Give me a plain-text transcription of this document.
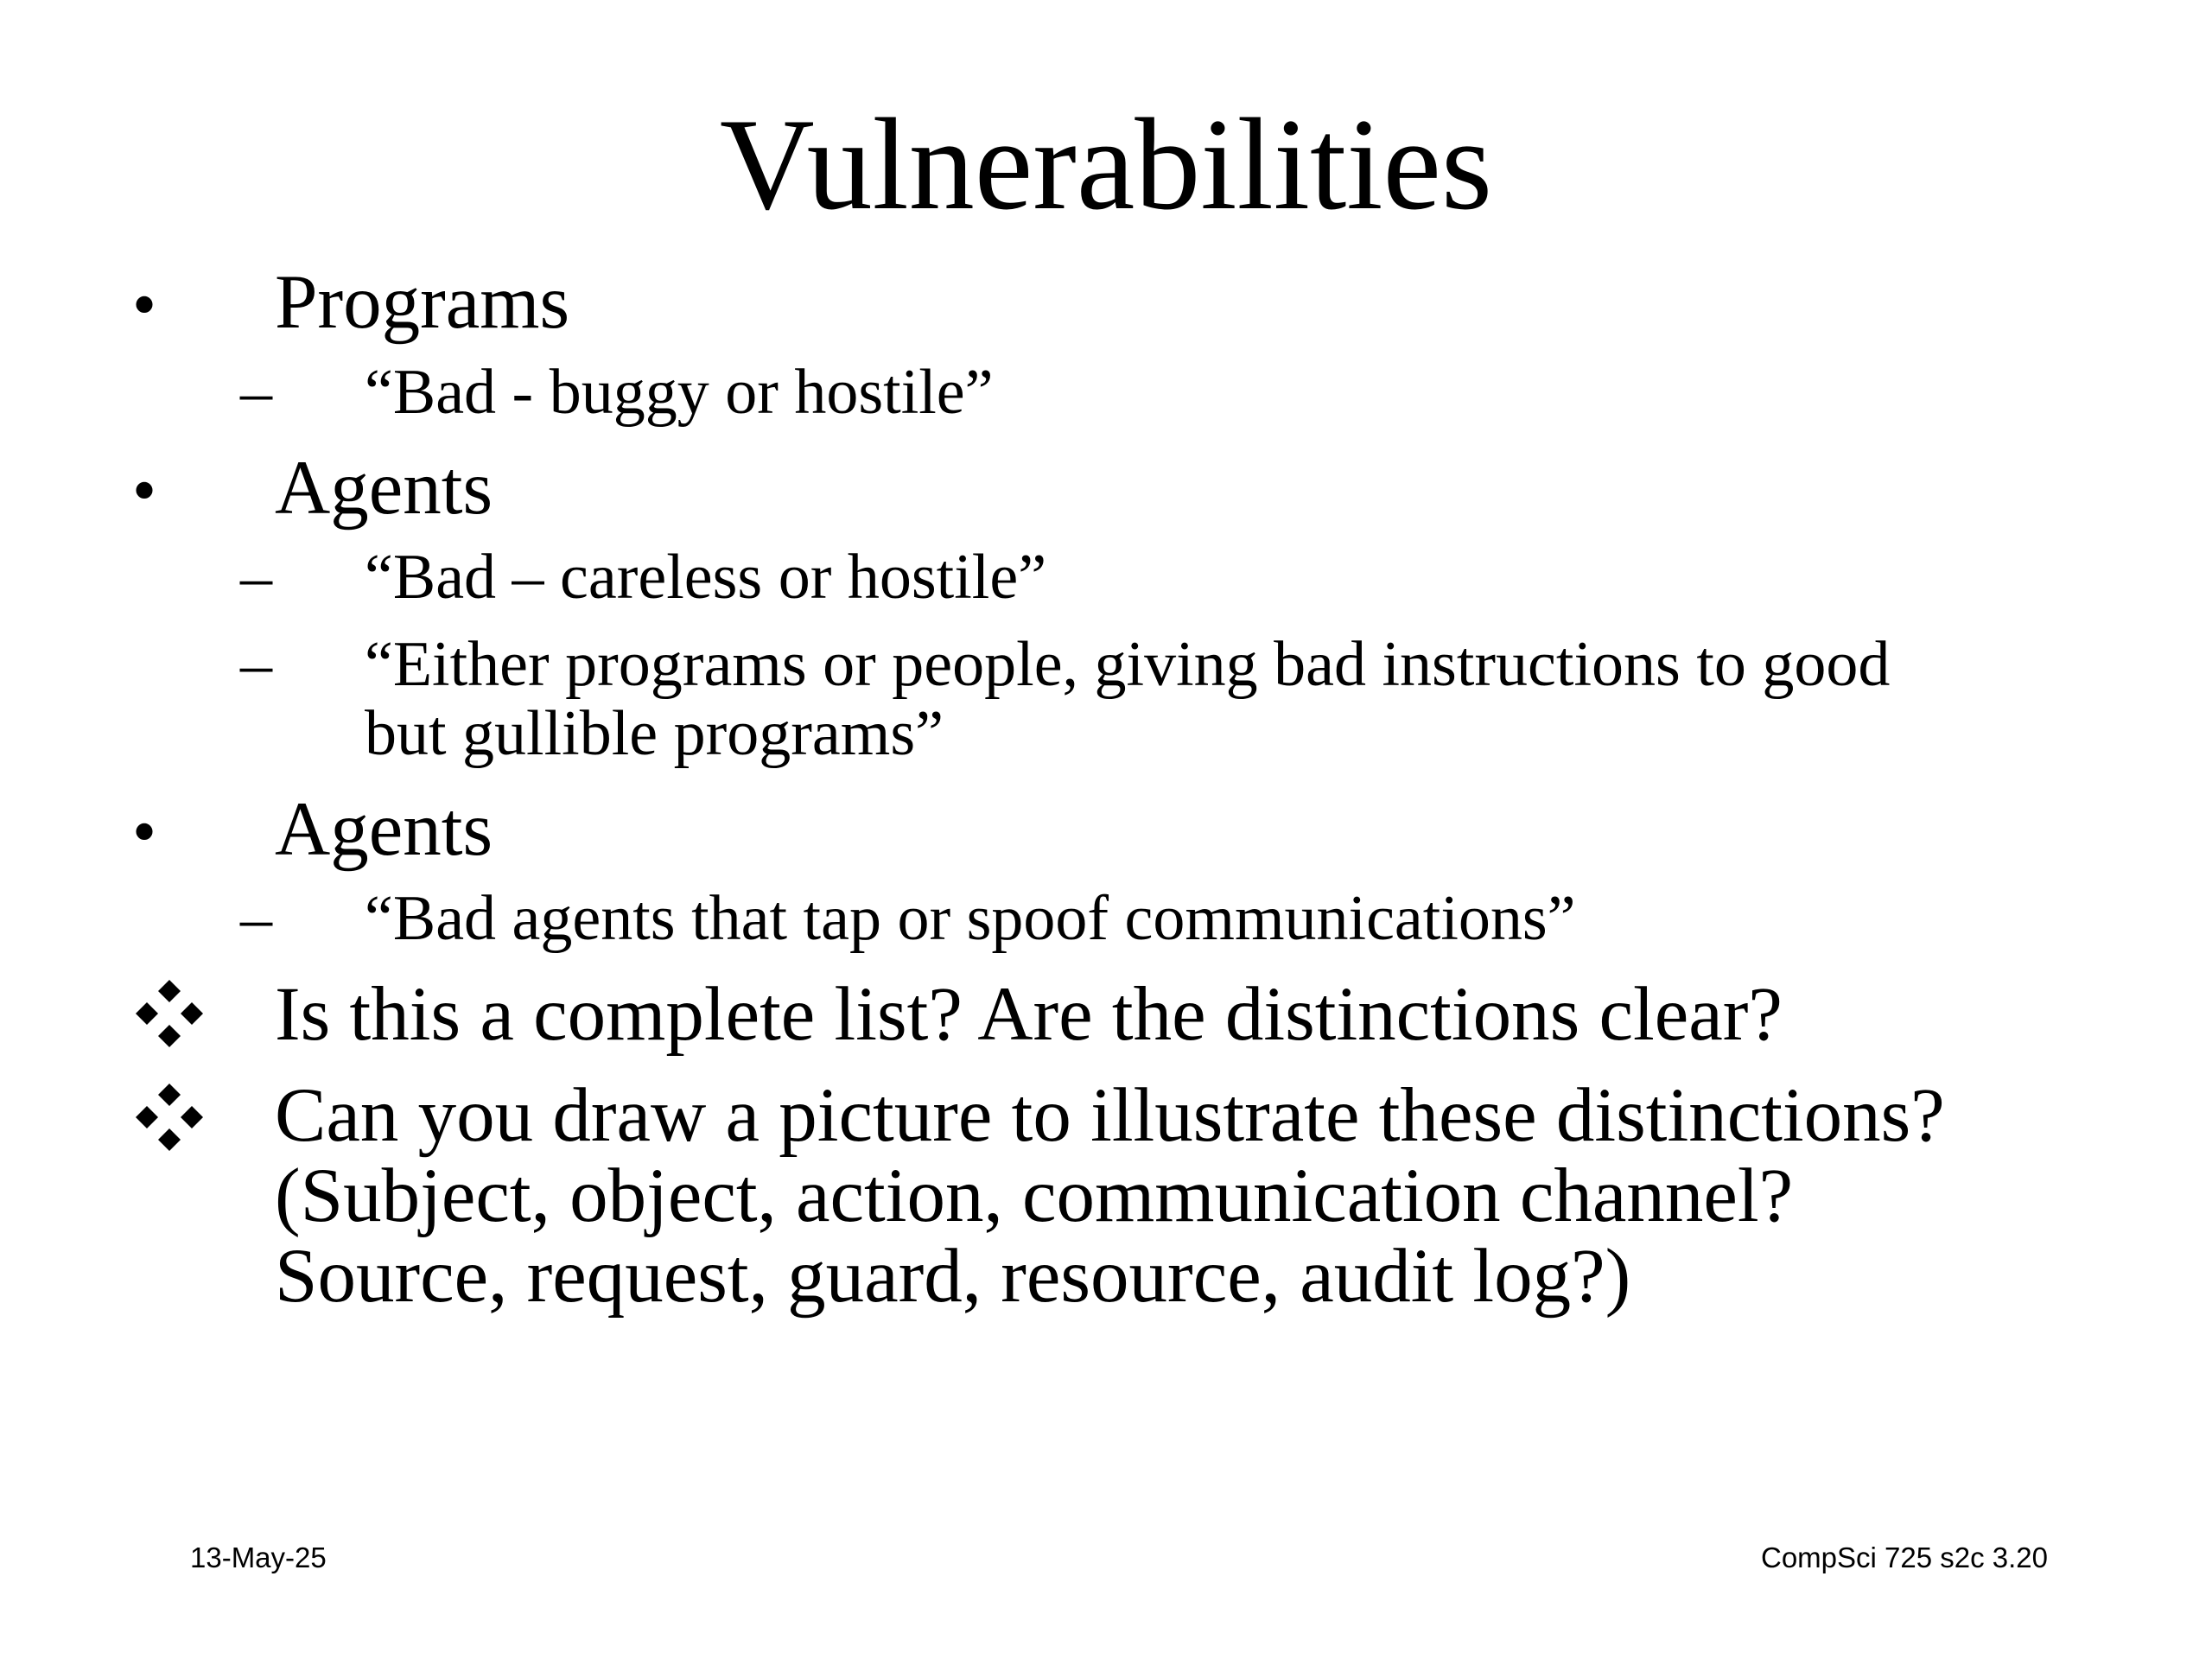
Vulnerabilities
• Programs
– “Bad - buggy or hostile”
• Agents
– “Bad – careless or hostile”
– “Either programs or people, giving bad instructions to good
but gullible programs”
• Agents
– “Bad agents that tap or spoof communications”
Is this a complete list? Are the distinctions clear?
Can you draw a picture to illustrate these distinctions?
(Subject, object, action, communication channel?
Source, request, guard, resource, audit log?)
13-May-25	CompSci 725 s2c 3.20
